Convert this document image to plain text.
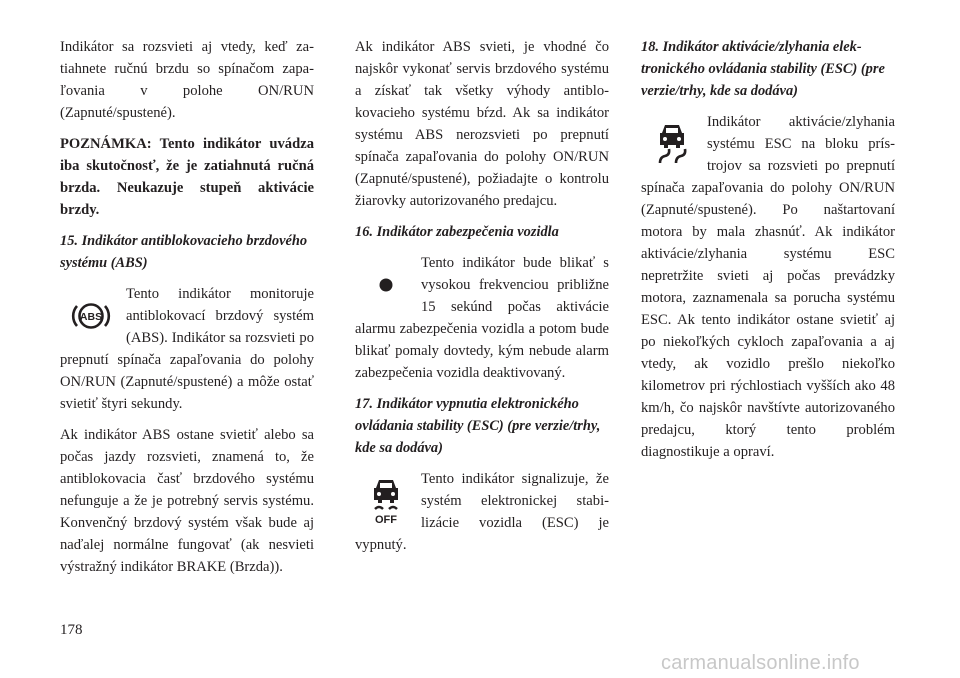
Indikátor sa rozsvieti aj vtedy, keď zatiahnete ručnú brzdu so spínačom zapaľovania v polohe ON/RUN (Zapnuté/spustené).

POZNÁMKA: Tento indikátor uvádza iba skutočnosť, že je zatiahnutá ručná brzda. Neukazuje stupeň aktivácie brzdy.

15. Indikátor antiblokovacieho brzdového systému (ABS)

ABS
Tento indikátor monitoruje antiblokovací brzdový systém (ABS). Indikátor sa rozsvieti po prepnutí spínača zapaľovania do polohy ON/RUN (Zapnuté/spustené) a môže ostať svietiť štyri sekundy.

Ak indikátor ABS ostane svietiť alebo sa počas jazdy rozsvieti, znamená to, že antiblokovacia časť brzdového systému nefunguje a že je potrebný servis systému. Konvenčný brzdový systém však bude aj naďalej normálne fungovať (ak nesvieti výstražný indikátor BRAKE (Brzda)).

Ak indikátor ABS svieti, je vhodné čo najskôr vykonať servis brzdového systému a získať tak všetky výhody antiblokovacieho systému bŕzd. Ak sa indikátor systému ABS nerozsvieti po prepnutí spínača zapaľovania do polohy ON/RUN (Zapnuté/spustené), požiadajte o kontrolu žiarovky autorizovaného predajcu.

16. Indikátor zabezpečenia vozidla

Tento indikátor bude blikať s vysokou frekvenciou približne 15 sekúnd počas aktivácie alarmu zabezpečenia vozidla a potom bude blikať pomaly dovtedy, kým nebude alarm zabezpečenia vozidla deaktivovaný.

17. Indikátor vypnutia elektronického ovládania stability (ESC) (pre verzie/trhy, kde sa dodáva)

OFF
Tento indikátor signalizuje, že systém elektronickej stabilizácie vozidla (ESC) je vypnutý.

18. Indikátor aktivácie/zlyhania elektronického ovládania stability (ESC) (pre verzie/trhy, kde sa dodáva)

Indikátor aktivácie/zlyhania systému ESC na bloku prístrojov sa rozsvieti po prepnutí spínača zapaľovania do polohy ON/RUN (Zapnuté/spustené). Po naštartovaní motora by mala zhasnúť. Ak indikátor aktivácie/zlyhania systému ESC nepretržite svieti aj počas prevádzky motora, zaznamenala sa porucha systému ESC. Ak tento indikátor ostane svietiť aj po niekoľkých cykloch zapaľovania a aj vtedy, ak vozidlo prešlo niekoľko kilometrov pri rýchlostiach vyšších ako 48 km/h, čo najskôr navštívte autorizovaného predajcu, ktorý tento problém diagnostikuje a opraví.

178
carmanualsonline.info
